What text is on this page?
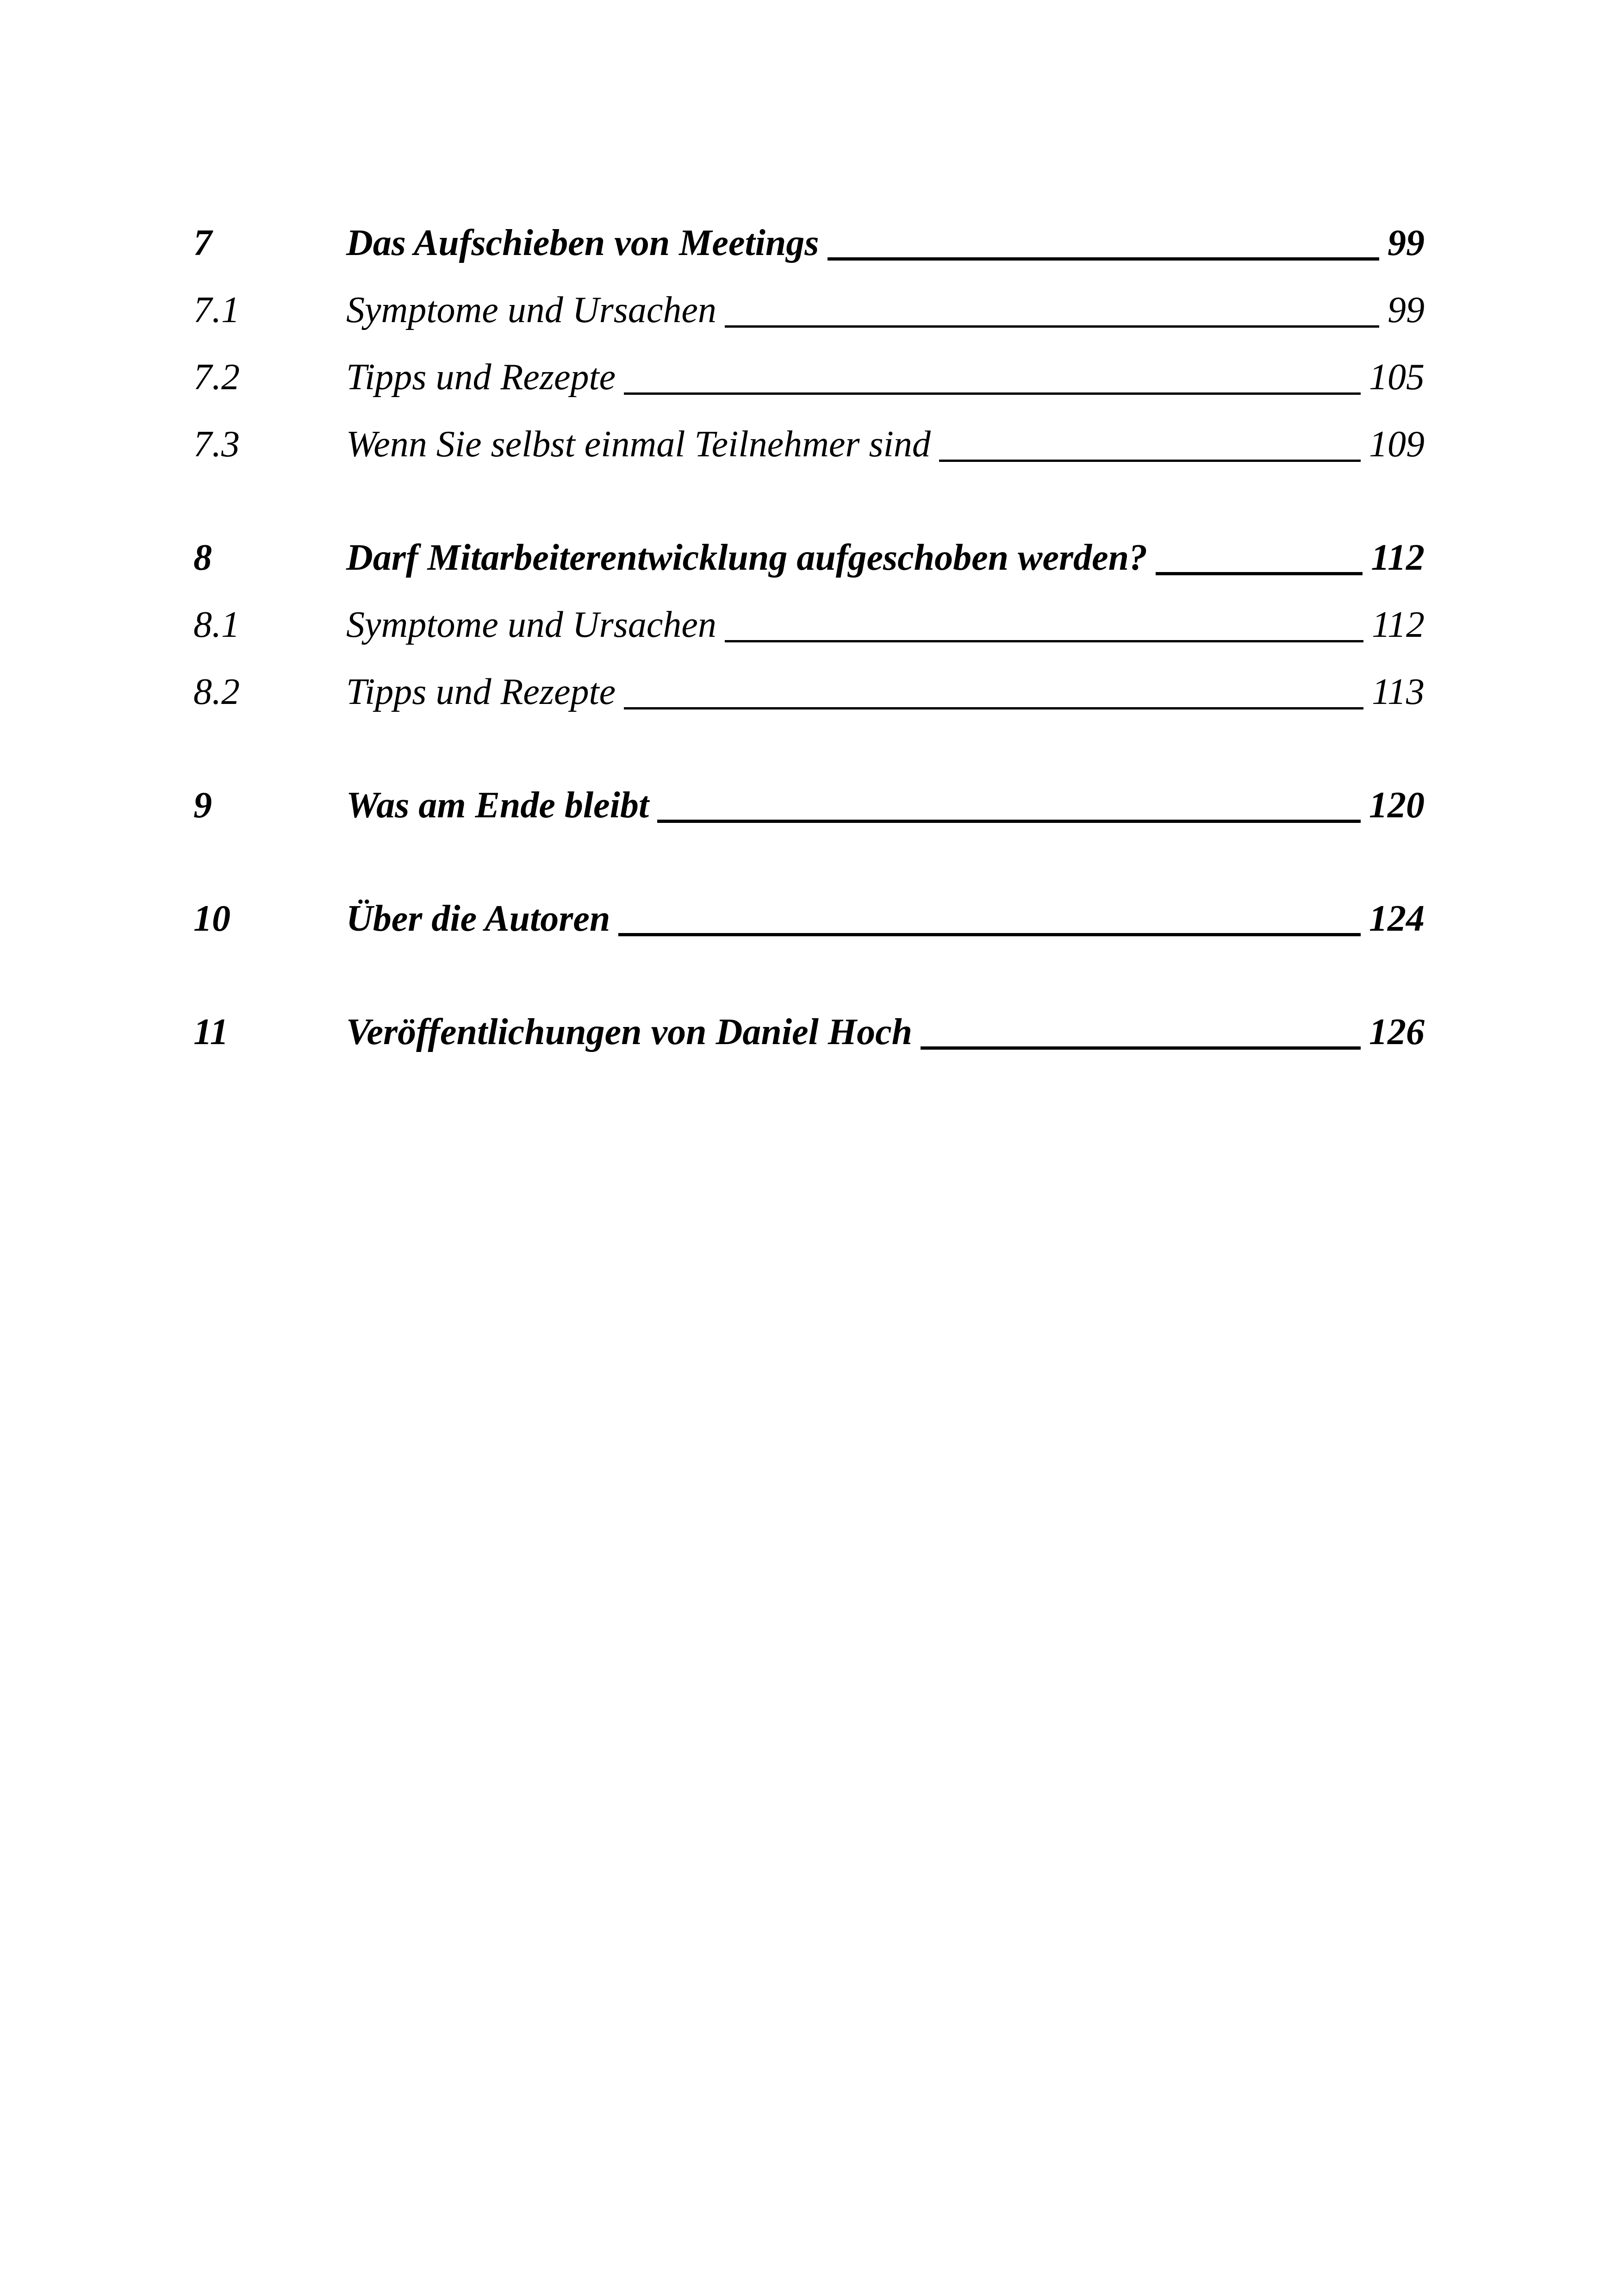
7	Das Aufschieben von Meetings	99
7.1	Symptome und Ursachen	99
7.2	Tipps und Rezepte	105
7.3	Wenn Sie selbst einmal Teilnehmer sind	109
8	Darf Mitarbeiterentwicklung aufgeschoben werden?	112
8.1	Symptome und Ursachen	112
8.2	Tipps und Rezepte	113
9	Was am Ende bleibt	120
10	Über die Autoren	124
11	Veröffentlichungen von Daniel Hoch	126
